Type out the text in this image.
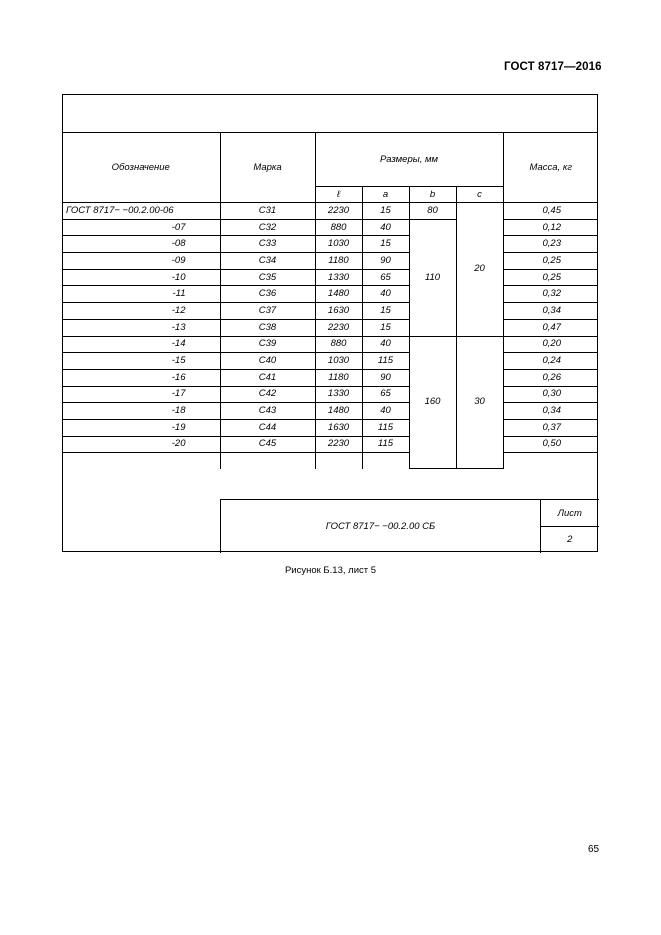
ГОСТ 8717—2016
Обозначение	Марка	Размеры, мм				Масса, кг
		ℓ	а	b	c	
ГОСТ 8717− −00.2.00-06	С31	2230	15	80	20	0,45
-07	С32	880	40	110		0,12
-08	С33	1030	15			0,23
-09	С34	1180	90			0,25
-10	С35	1330	65			0,25
-11	С36	1480	40			0,32
-12	С37	1630	15			0,34
-13	С38	2230	15			0,47
-14	С39	880	40	160	30	0,20
-15	С40	1030	115			0,24
-16	С41	1180	90			0,26
-17	С42	1330	65			0,30
-18	С43	1480	40			0,34
-19	С44	1630	115			0,37
-20	С45	2230	115			0,50

ГОСТ 8717− −00.2.00 СБ	Лист
2
Рисунок Б.13, лист 5
65
